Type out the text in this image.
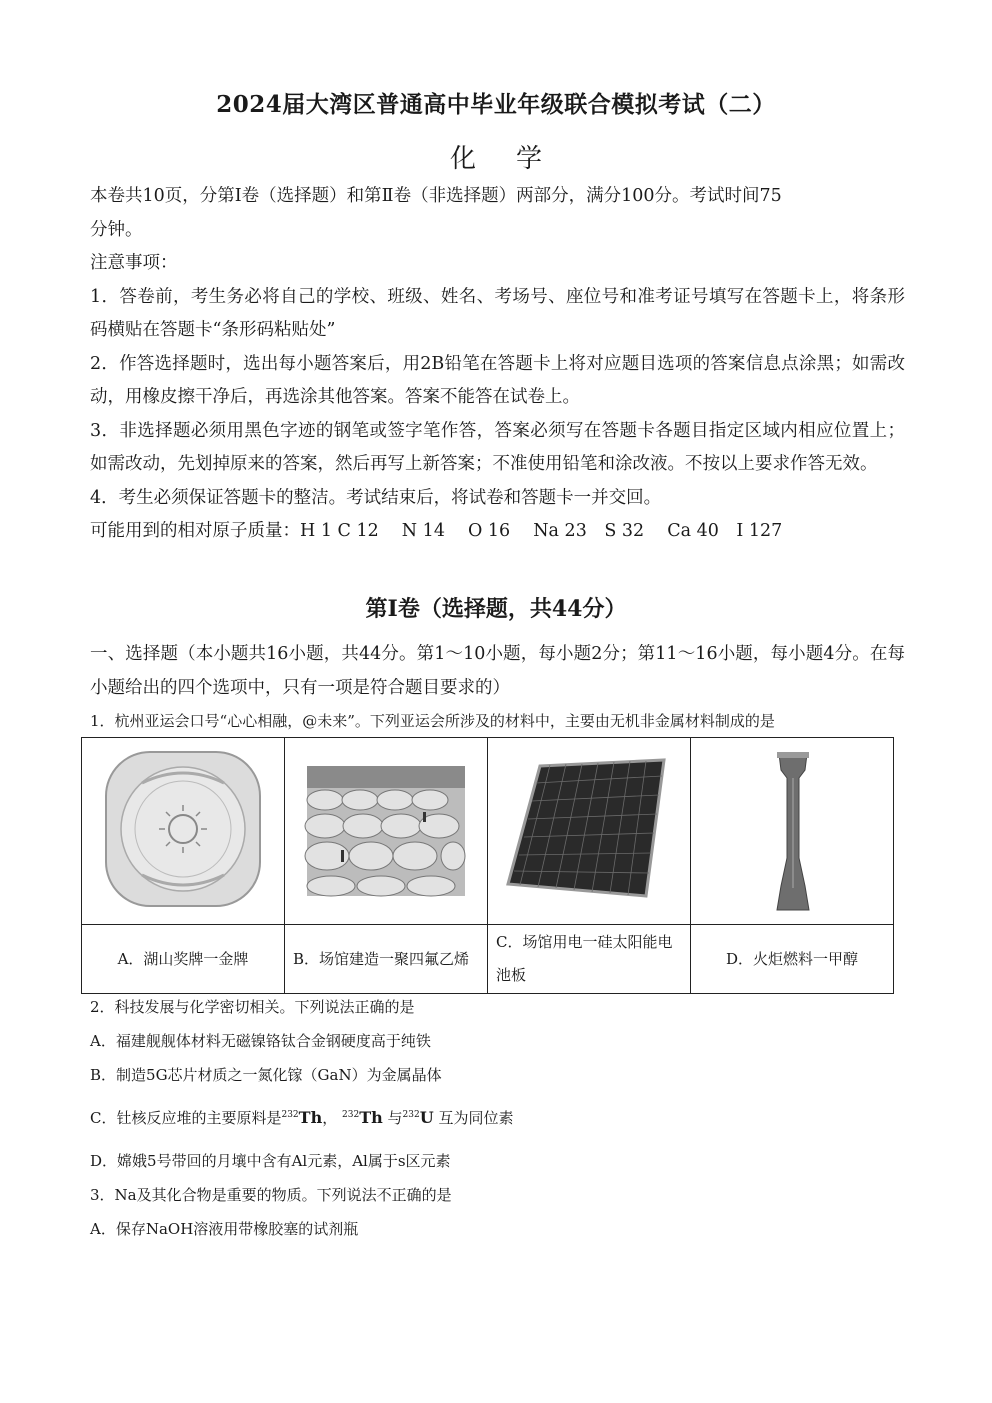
2024届大湾区普通高中毕业年级联合模拟考试（二）
化学
本卷共10页，分第Ⅰ卷（选择题）和第Ⅱ卷（非选择题）两部分，满分100分。考试时间75
分钟。
注意事项：
1．答卷前，考生务必将自己的学校、班级、姓名、考场号、座位号和准考证号填写在答题卡上，将条形码横贴在答题卡“条形码粘贴处”
2．作答选择题时，选出每小题答案后，用2B铅笔在答题卡上将对应题目选项的答案信息点涂黑；如需改动，用橡皮擦干净后，再选涂其他答案。答案不能答在试卷上。
3．非选择题必须用黑色字迹的钢笔或签字笔作答，答案必须写在答题卡各题目指定区域内相应位置上；如需改动，先划掉原来的答案，然后再写上新答案；不准使用铅笔和涂改液。不按以上要求作答无效。
4．考生必须保证答题卡的整洁。考试结束后，将试卷和答题卡一并交回。
可能用到的相对原子质量：H 1 C 12　 N 14　 O 16　 Na 23　S 32　 Ca 40　I 127
第Ⅰ卷（选择题，共44分）
一、选择题（本小题共16小题，共44分。第1～10小题，每小题2分；第11～16小题，每小题4分。在每小题给出的四个选项中，只有一项是符合题目要求的）
1．杭州亚运会口号“心心相融，@未来”。下列亚运会所涉及的材料中，主要由无机非金属材料制成的是

A．湖山奖牌一金牌	B．场馆建造一聚四氟乙烯	C．场馆用电一硅太阳能电池板	D．火炬燃料一甲醇
2．科技发展与化学密切相关。下列说法正确的是
A．福建舰舰体材料无磁镍铬钛合金钢硬度高于纯铁
B．制造5G芯片材质之一氮化镓（GaN）为金属晶体
C．钍核反应堆的主要原料是$^{232}$Th， $^{232}$Th 与$^{232}$U 互为同位素
D．嫦娥5号带回的月壤中含有Al元素，Al属于s区元素
3．Na及其化合物是重要的物质。下列说法不正确的是
A．保存NaOH溶液用带橡胶塞的试剂瓶
